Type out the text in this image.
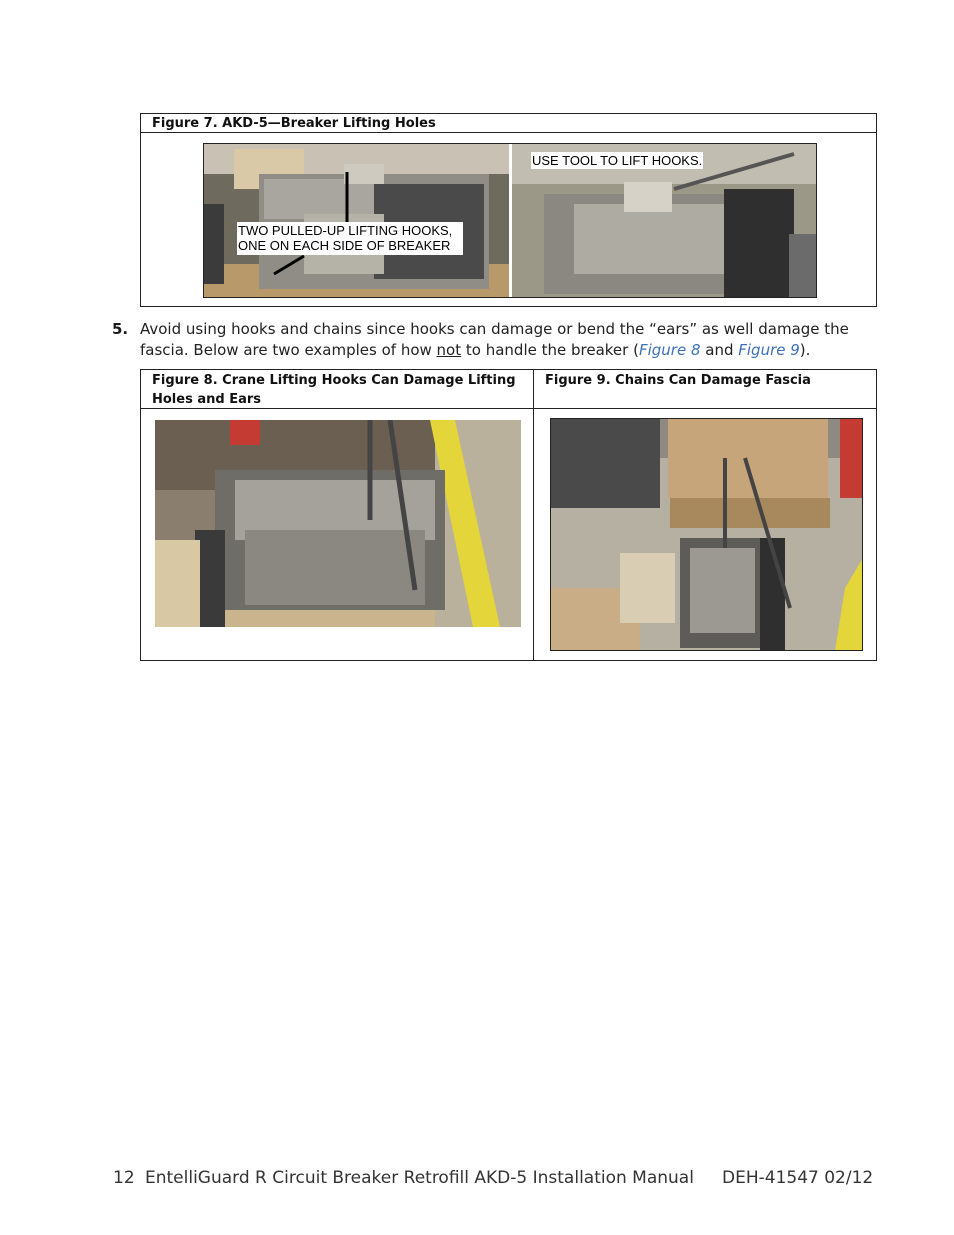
Figure 7. AKD-5—Breaker Lifting Holes
TWO PULLED-UP LIFTING HOOKS,
ONE ON EACH SIDE OF BREAKER
USE TOOL TO LIFT HOOKS.
5. Avoid using hooks and chains since hooks can damage or bend the “ears” as well damage the
fascia. Below are two examples of how not to handle the breaker (Figure 8 and Figure 9).
Figure 8. Crane Lifting Hooks Can Damage Lifting Holes and Ears
Figure 9. Chains Can Damage Fascia
12 EntelliGuard R Circuit Breaker Retrofill AKD-5 Installation Manual DEH-41547 02/12
